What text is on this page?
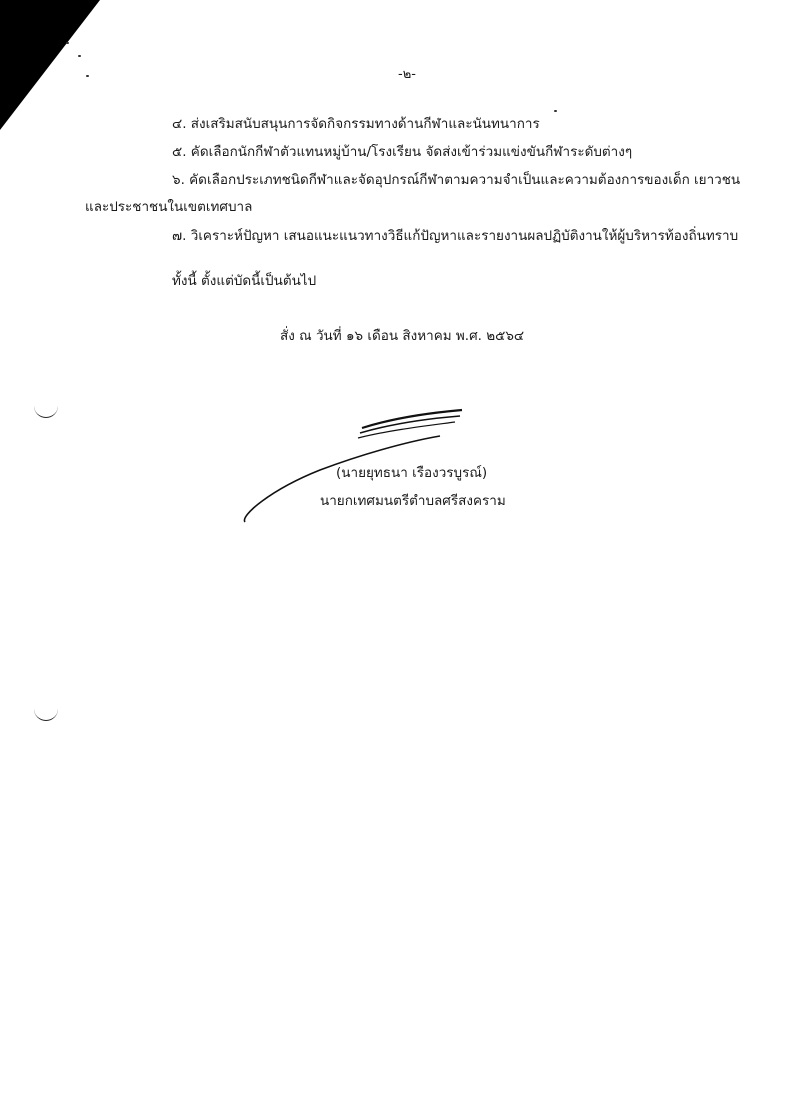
-๒-
๔. ส่งเสริมสนับสนุนการจัดกิจกรรมทางด้านกีฬาและนันทนาการ
๕. คัดเลือกนักกีฬาตัวแทนหมู่บ้าน/โรงเรียน จัดส่งเข้าร่วมแข่งขันกีฬาระดับต่างๆ
๖. คัดเลือกประเภทชนิดกีฬาและจัดอุปกรณ์กีฬาตามความจำเป็นและความต้องการของเด็ก เยาวชน
และประชาชนในเขตเทศบาล
๗. วิเคราะห์ปัญหา เสนอแนะแนวทางวิธีแก้ปัญหาและรายงานผลปฏิบัติงานให้ผู้บริหารท้องถิ่นทราบ
ทั้งนี้ ตั้งแต่บัดนี้เป็นต้นไป
สั่ง ณ วันที่ ๑๖ เดือน สิงหาคม พ.ศ. ๒๕๖๔
(นายยุทธนา เรืองวรบูรณ์)
นายกเทศมนตรีตำบลศรีสงคราม
